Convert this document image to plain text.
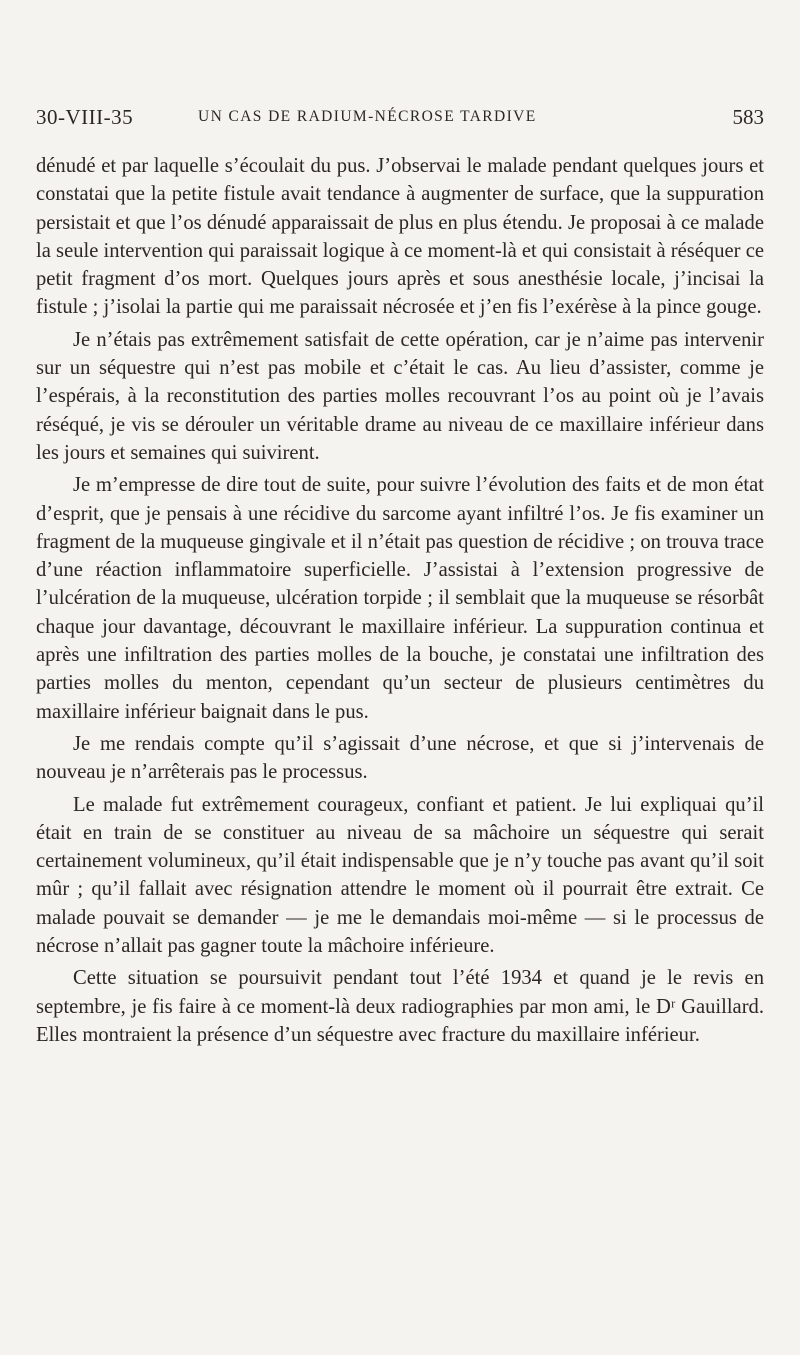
30-VIII-35	UN CAS DE RADIUM-NÉCROSE TARDIVE	583

dénudé et par laquelle s’écoulait du pus. J’observai le malade pendant quelques jours et constatai que la petite fistule avait tendance à augmenter de surface, que la suppuration persistait et que l’os dénudé apparaissait de plus en plus étendu. Je proposai à ce malade la seule intervention qui paraissait logique à ce moment-là et qui consistait à réséquer ce petit fragment d’os mort. Quelques jours après et sous anesthésie locale, j’incisai la fistule ; j’isolai la partie qui me paraissait nécrosée et j’en fis l’exérèse à la pince gouge.

Je n’étais pas extrêmement satisfait de cette opération, car je n’aime pas intervenir sur un séquestre qui n’est pas mobile et c’était le cas. Au lieu d’assister, comme je l’espérais, à la reconstitution des parties molles recouvrant l’os au point où je l’avais réséqué, je vis se dérouler un véritable drame au niveau de ce maxillaire inférieur dans les jours et semaines qui suivirent.

Je m’empresse de dire tout de suite, pour suivre l’évolution des faits et de mon état d’esprit, que je pensais à une récidive du sarcome ayant infiltré l’os. Je fis examiner un fragment de la muqueuse gingivale et il n’était pas question de récidive ; on trouva trace d’une réaction inflammatoire superficielle. J’assistai à l’extension progressive de l’ulcération de la muqueuse, ulcération torpide ; il semblait que la muqueuse se résorbât chaque jour davantage, découvrant le maxillaire inférieur. La suppuration continua et après une infiltration des parties molles de la bouche, je constatai une infiltration des parties molles du menton, cependant qu’un secteur de plusieurs centimètres du maxillaire inférieur baignait dans le pus.

Je me rendais compte qu’il s’agissait d’une nécrose, et que si j’intervenais de nouveau je n’arrêterais pas le processus.

Le malade fut extrêmement courageux, confiant et patient. Je lui expliquai qu’il était en train de se constituer au niveau de sa mâchoire un séquestre qui serait certainement volumineux, qu’il était indispensable que je n’y touche pas avant qu’il soit mûr ; qu’il fallait avec résignation attendre le moment où il pourrait être extrait. Ce malade pouvait se demander — je me le demandais moi-même — si le processus de nécrose n’allait pas gagner toute la mâchoire inférieure.

Cette situation se poursuivit pendant tout l’été 1934 et quand je le revis en septembre, je fis faire à ce moment-là deux radiographies par mon ami, le Dʳ Gauillard. Elles montraient la présence d’un séquestre avec fracture du maxillaire inférieur.
